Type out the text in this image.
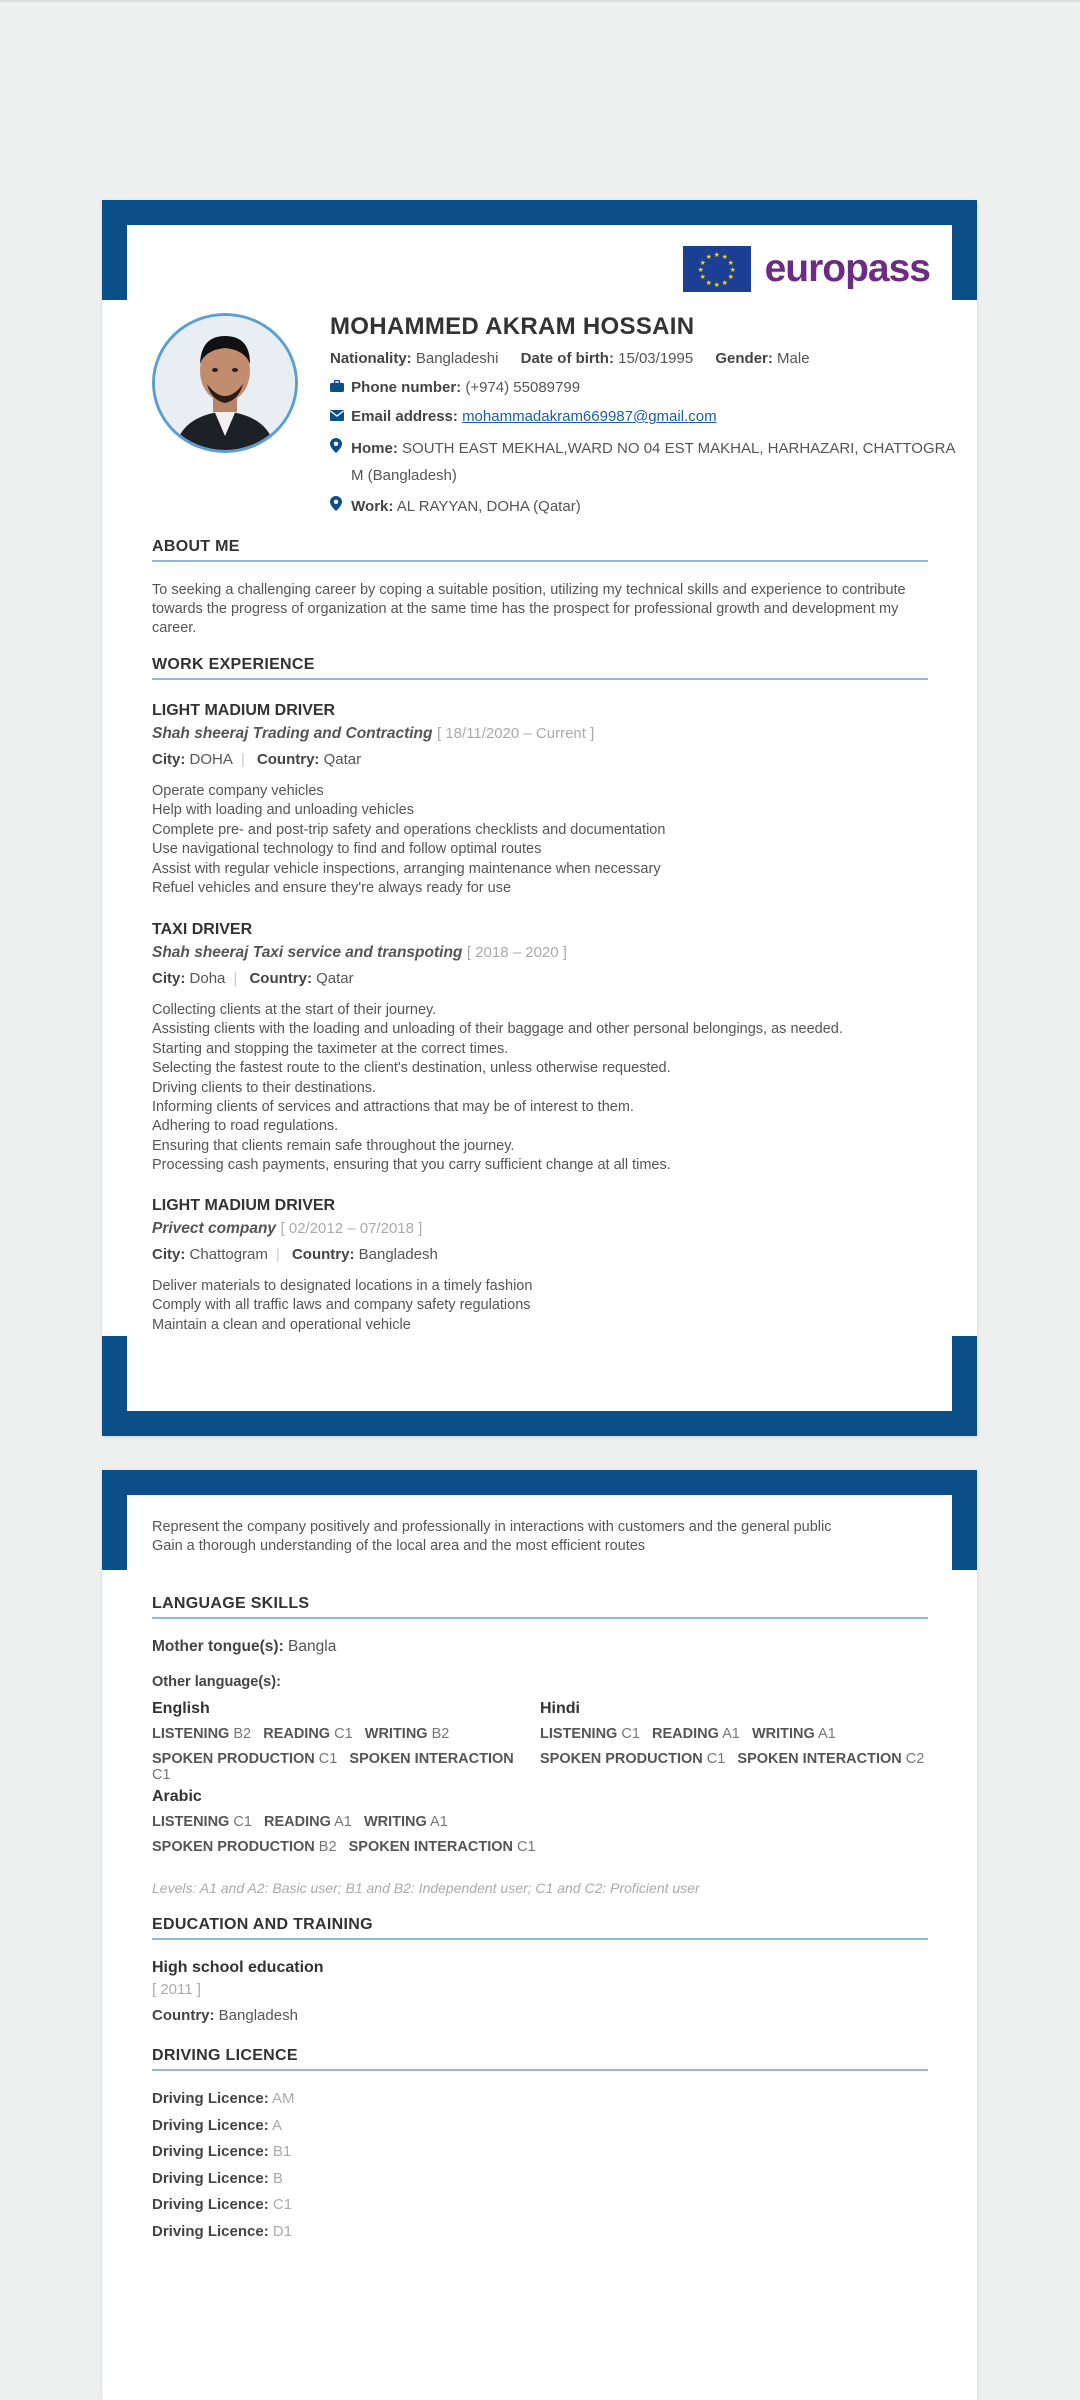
★ ★
★
★
★
★
★
★
★
★
★
★ europass
MOHAMMED AKRAM HOSSAIN
Nationality: Bangladeshi Date of birth: 15/03/1995 Gender: Male
Phone number: (+974) 55089799
Email address: mohammadakram669987@gmail.com
Home: SOUTH EAST MEKHAL,WARD NO 04 EST MAKHAL, HARHAZARI, CHATTOGRA
M (Bangladesh)
Work: AL RAYYAN, DOHA (Qatar)
ABOUT ME
To seeking a challenging career by coping a suitable position, utilizing my technical skills and experience to contribute towards the progress of organization at the same time has the prospect for professional growth and development my career.
WORK EXPERIENCE
LIGHT MADIUM DRIVER
Shah sheeraj Trading and Contracting [ 18/11/2020 – Current ]
City: DOHA | Country: Qatar
Operate company vehicles
Help with loading and unloading vehicles
Complete pre- and post-trip safety and operations checklists and documentation
Use navigational technology to find and follow optimal routes
Assist with regular vehicle inspections, arranging maintenance when necessary
Refuel vehicles and ensure they're always ready for use
TAXI DRIVER
Shah sheeraj Taxi service and transpoting [ 2018 – 2020 ]
City: Doha | Country: Qatar
Collecting clients at the start of their journey.
Assisting clients with the loading and unloading of their baggage and other personal belongings, as needed.
Starting and stopping the taximeter at the correct times.
Selecting the fastest route to the client's destination, unless otherwise requested.
Driving clients to their destinations.
Informing clients of services and attractions that may be of interest to them.
Adhering to road regulations.
Ensuring that clients remain safe throughout the journey.
Processing cash payments, ensuring that you carry sufficient change at all times.
LIGHT MADIUM DRIVER
Privect company [ 02/2012 – 07/2018 ]
City: Chattogram | Country: Bangladesh
Deliver materials to designated locations in a timely fashion
Comply with all traffic laws and company safety regulations
Maintain a clean and operational vehicle
Represent the company positively and professionally in interactions with customers and the general public
Gain a thorough understanding of the local area and the most efficient routes
LANGUAGE SKILLS
Mother tongue(s): Bangla
Other language(s):
English
LISTENING B2 READING C1 WRITING B2
SPOKEN PRODUCTION C1 SPOKEN INTERACTION C1
Hindi
LISTENING C1 READING A1 WRITING A1
SPOKEN PRODUCTION C1 SPOKEN INTERACTION C2
Arabic
LISTENING C1 READING A1 WRITING A1
SPOKEN PRODUCTION B2 SPOKEN INTERACTION C1
Levels: A1 and A2: Basic user; B1 and B2: Independent user; C1 and C2: Proficient user
EDUCATION AND TRAINING
High school education
[ 2011 ]
Country: Bangladesh
DRIVING LICENCE
Driving Licence: AM
Driving Licence: A
Driving Licence: B1
Driving Licence: B
Driving Licence: C1
Driving Licence: D1
